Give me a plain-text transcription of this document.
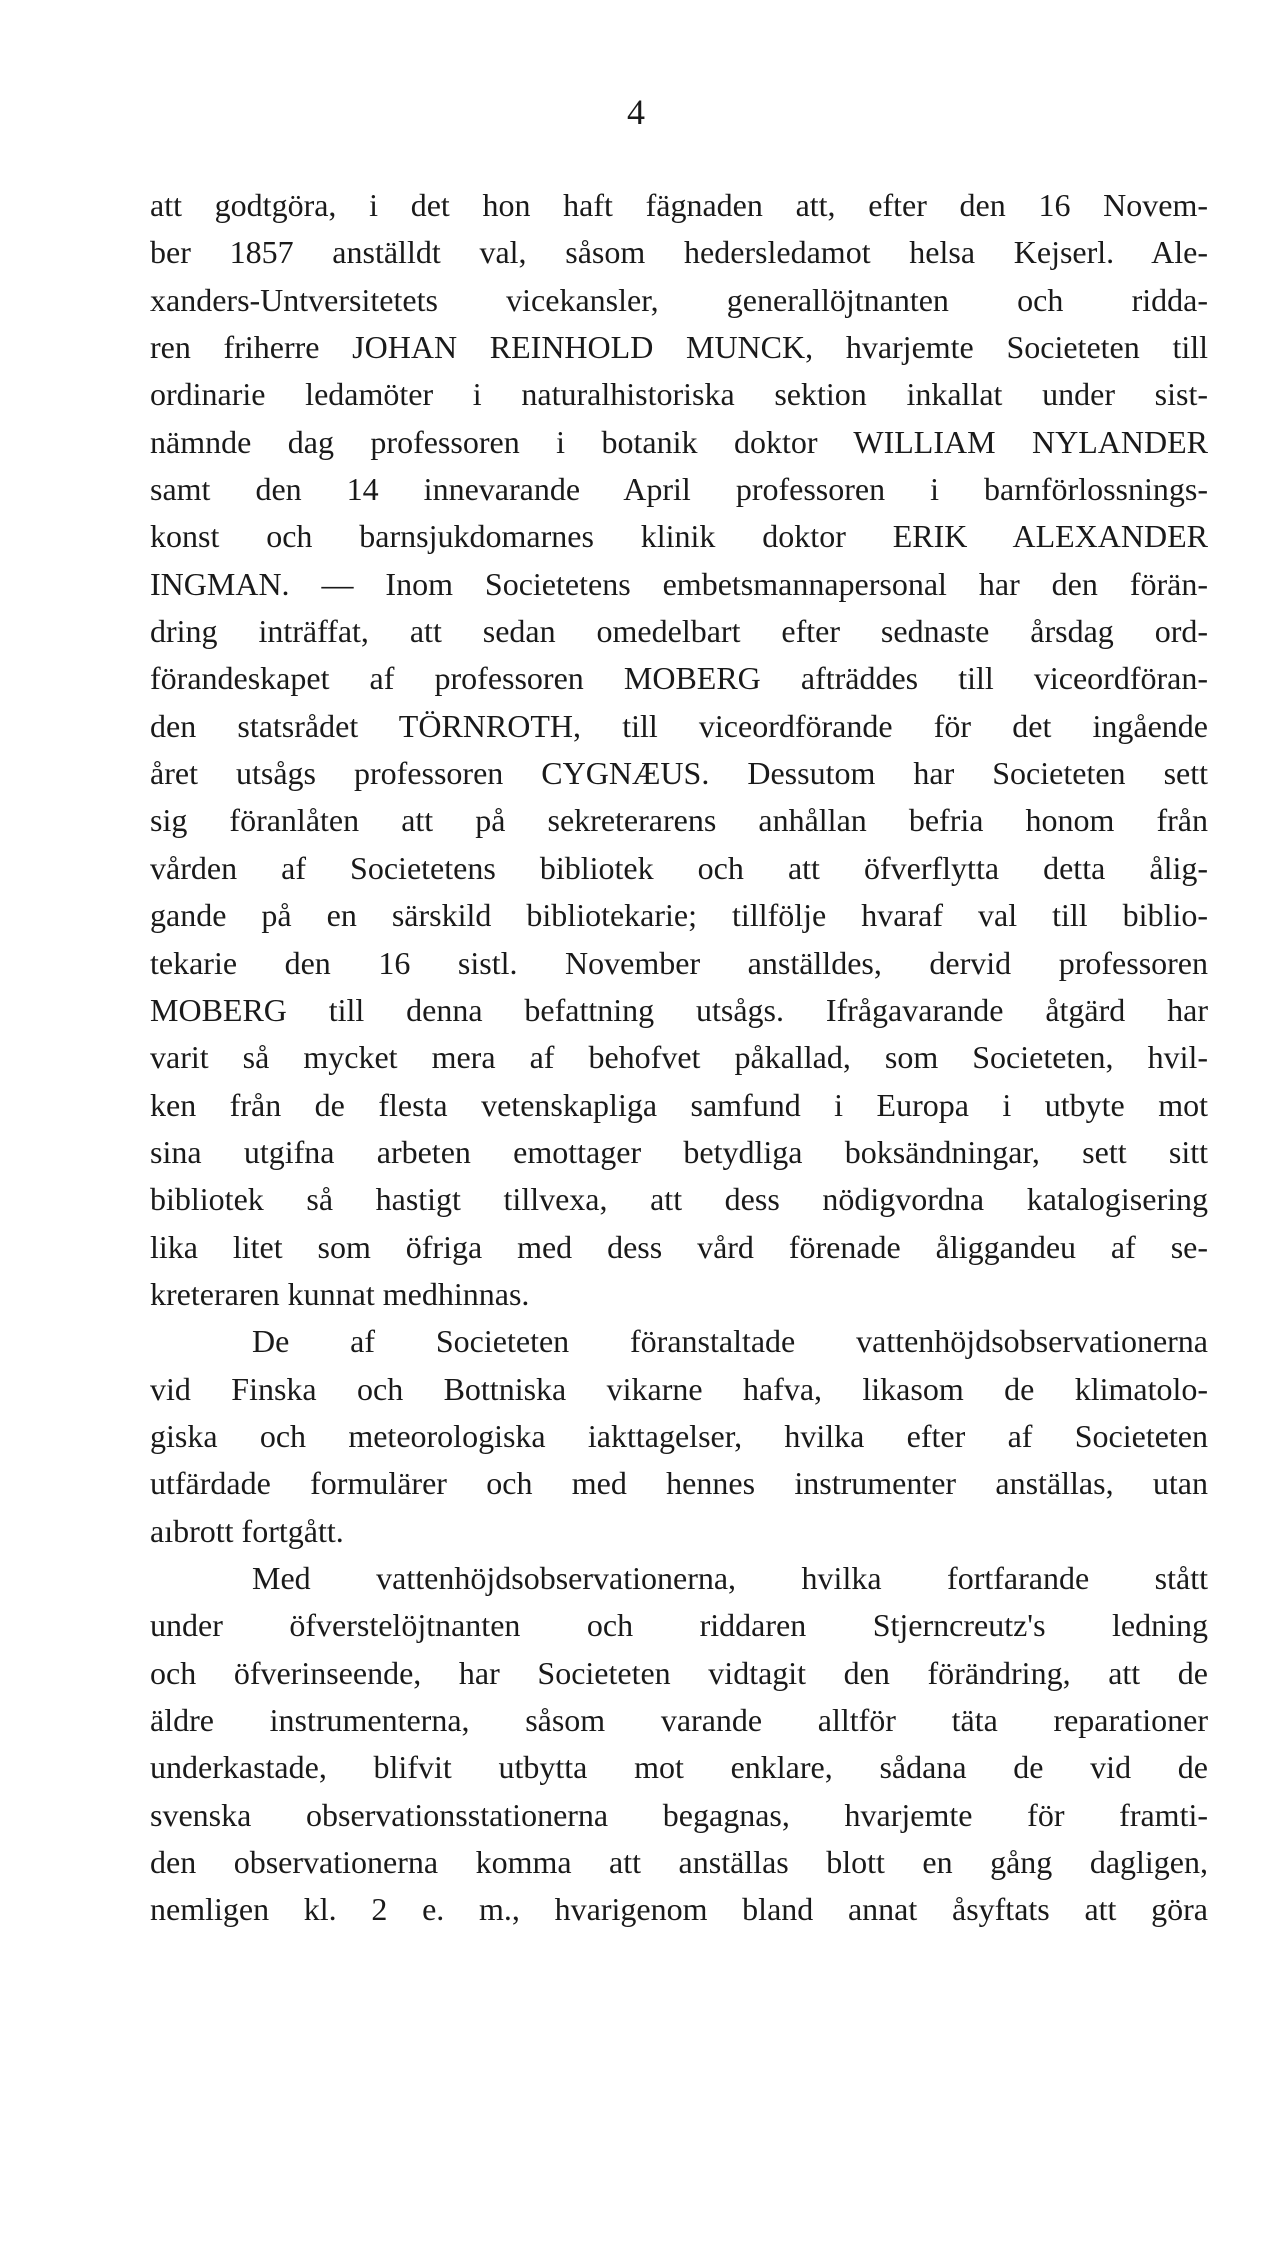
4
att godtgöra, i det hon haft fägnaden att, efter den 16 Novem-
ber 1857 anställdt val, såsom hedersledamot helsa Kejserl. Ale-
xanders-Untversitetets vicekansler, generallöjtnanten och ridda-
ren friherre JOHAN REINHOLD MUNCK, hvarjemte Societeten till
ordinarie ledamöter i naturalhistoriska sektion inkallat under sist-
nämnde dag professoren i botanik doktor WILLIAM NYLANDER
samt den 14 innevarande April professoren i barnförlossnings-
konst och barnsjukdomarnes klinik doktor ERIK ALEXANDER
INGMAN. — Inom Societetens embetsmannapersonal har den förän-
dring inträffat, att sedan omedelbart efter sednaste årsdag ord-
förandeskapet af professoren MOBERG afträddes till viceordföran-
den statsrådet TÖRNROTH, till viceordförande för det ingående
året utsågs professoren CYGNÆUS. Dessutom har Societeten sett
sig föranlåten att på sekreterarens anhållan befria honom från
vården af Societetens bibliotek och att öfverflytta detta ålig-
gande på en särskild bibliotekarie; tillfölje hvaraf val till biblio-
tekarie den 16 sistl. November anställdes, dervid professoren
MOBERG till denna befattning utsågs. Ifrågavarande åtgärd har
varit så mycket mera af behofvet påkallad, som Societeten, hvil-
ken från de flesta vetenskapliga samfund i Europa i utbyte mot
sina utgifna arbeten emottager betydliga boksändningar, sett sitt
bibliotek så hastigt tillvexa, att dess nödigvordna katalogisering
lika litet som öfriga med dess vård förenade åliggandeu af se-
kreteraren kunnat medhinnas.
De af Societeten föranstaltade vattenhöjdsobservationerna
vid Finska och Bottniska vikarne hafva, likasom de klimatolo-
giska och meteorologiska iakttagelser, hvilka efter af Societeten
utfärdade formulärer och med hennes instrumenter anställas, utan
aıbrott fortgått.
Med vattenhöjdsobservationerna, hvilka fortfarande stått
under öfverstelöjtnanten och riddaren Stjerncreutz's ledning
och öfverinseende, har Societeten vidtagit den förändring, att de
äldre instrumenterna, såsom varande alltför täta reparationer
underkastade, blifvit utbytta mot enklare, sådana de vid de
svenska observationsstationerna begagnas, hvarjemte för framti-
den observationerna komma att anställas blott en gång dagligen,
nemligen kl. 2 e. m., hvarigenom bland annat åsyftats att göra
